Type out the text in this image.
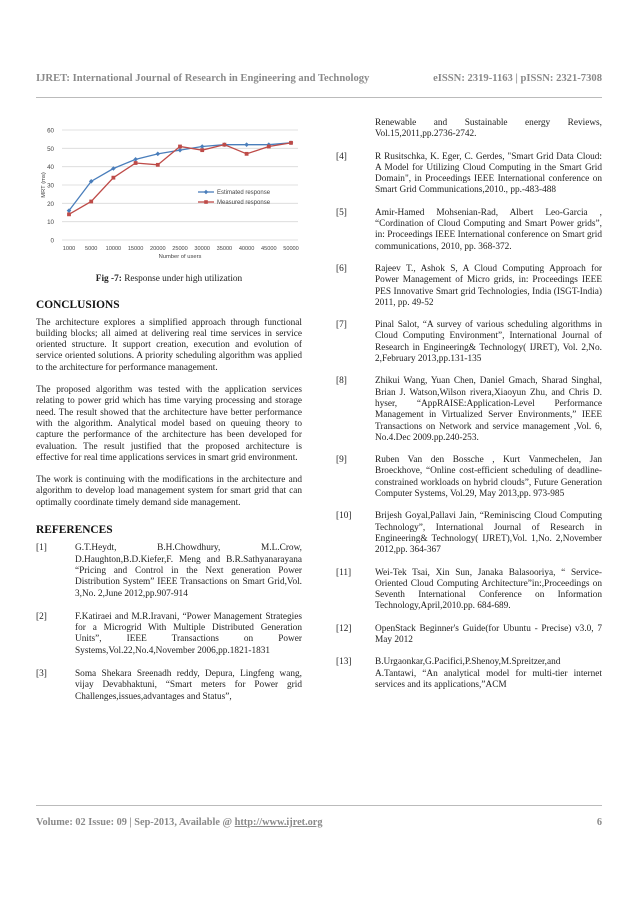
IJRET: International Journal of Research in Engineering and Technology	eISSN: 2319-1163 | pISSN: 2321-7308
0
10
20
30
40
50
60
1000 5000 10000 15000 20000 25000 30000 35000 40000 45000 50000
Number of users
MRT (ms)	Estimated response
Measured response
Fig -7: Response under high utilization

CONCLUSIONS

The architecture explores a simplified approach through functional building blocks; all aimed at delivering real time services in service oriented structure. It support creation, execution and evolution of service oriented solutions. A priority scheduling algorithm was applied to the architecture for performance management.

The proposed algorithm was tested with the application services relating to power grid which has time varying processing and storage need. The result showed that the architecture have better performance with the algorithm. Analytical model based on queuing theory to capture the performance of the architecture has been developed for evaluation. The result justified that the proposed architecture is effective for real time applications services in smart grid environment.

The work is continuing with the modifications in the architecture and algorithm to develop load management system for smart grid that can optimally coordinate timely demand side management.

REFERENCES

[1]	G.T.Heydt, B.H.Chowdhury, M.L.Crow, D.Haughton,B.D.Kiefer,F. Meng and B.R.Sathyanarayana “Pricing and Control in the Next generation Power Distribution System” IEEE Transactions on Smart Grid,Vol. 3,No. 2,June 2012,pp.907-914
[2]	F.Katiraei and M.R.Iravani, “Power Management Strategies for a Microgrid With Multiple Distributed Generation Units”, IEEE Transactions on Power Systems,Vol.22,No.4,November 2006,pp.1821-1831
[3]	Soma Shekara Sreenadh reddy, Depura, Lingfeng wang, vijay Devabhaktuni, “Smart meters for Power grid Challenges,issues,advantages and Status”,
Renewable and Sustainable energy Reviews, Vol.15,2011,pp.2736-2742.
[4]	R Rusitschka, K. Eger, C. Gerdes, "Smart Grid Data Cloud: A Model for Utilizing Cloud Computing in the Smart Grid Domain", in Proceedings IEEE International conference on Smart Grid Communications,2010., pp.-483-488
[5]	Amir-Hamed Mohsenian-Rad, Albert Leo-Garcia , “Cordination of Cloud Computing and Smart Power grids”, in: Proceedings IEEE International conference on Smart grid communications, 2010, pp. 368-372.
[6]	Rajeev T., Ashok S, A Cloud Computing Approach for Power Management of Micro grids, in: Proceedings IEEE PES Innovative Smart grid Technologies, India (ISGT-India) 2011, pp. 49-52
[7]	Pinal Salot, “A survey of various scheduling algorithms in Cloud Computing Environment”, International Journal of Research in Engineering& Technology( IJRET), Vol. 2,No. 2,February 2013,pp.131-135
[8]	Zhikui Wang, Yuan Chen, Daniel Gmach, Sharad Singhal, Brian J. Watson,Wilson rivera,Xiaoyun Zhu, and Chris D. hyser, “AppRAISE:Application-Level Performance Management in Virtualized Server Environments,” IEEE Transactions on Network and service management ,Vol. 6, No.4.Dec 2009.pp.240-253.
[9]	Ruben Van den Bossche , Kurt Vanmechelen, Jan Broeckhove, “Online cost-efficient scheduling of deadline-constrained workloads on hybrid clouds”, Future Generation Computer Systems, Vol.29, May 2013,pp. 973-985
[10]	Brijesh Goyal,Pallavi Jain, “Reminiscing Cloud Computing Technology”, International Journal of Research in Engineering& Technology( IJRET),Vol. 1,No. 2,November 2012,pp. 364-367
[11]	Wei-Tek Tsai, Xin Sun, Janaka Balasooriya, “ Service-Oriented Cloud Computing Architecture”in:,Proceedings on Seventh International Conference on Information Technology,April,2010.pp. 684-689.
[12]	OpenStack Beginner's Guide(for Ubuntu - Precise) v3.0, 7 May 2012
[13]	B.Urgaonkar,G.Pacifici,P.Shenoy,M.Spreitzer,and A.Tantawi, “An analytical model for multi-tier internet services and its applications,”ACM
Volume: 02 Issue: 09 | Sep-2013, Available @ http://www.ijret.org	6
